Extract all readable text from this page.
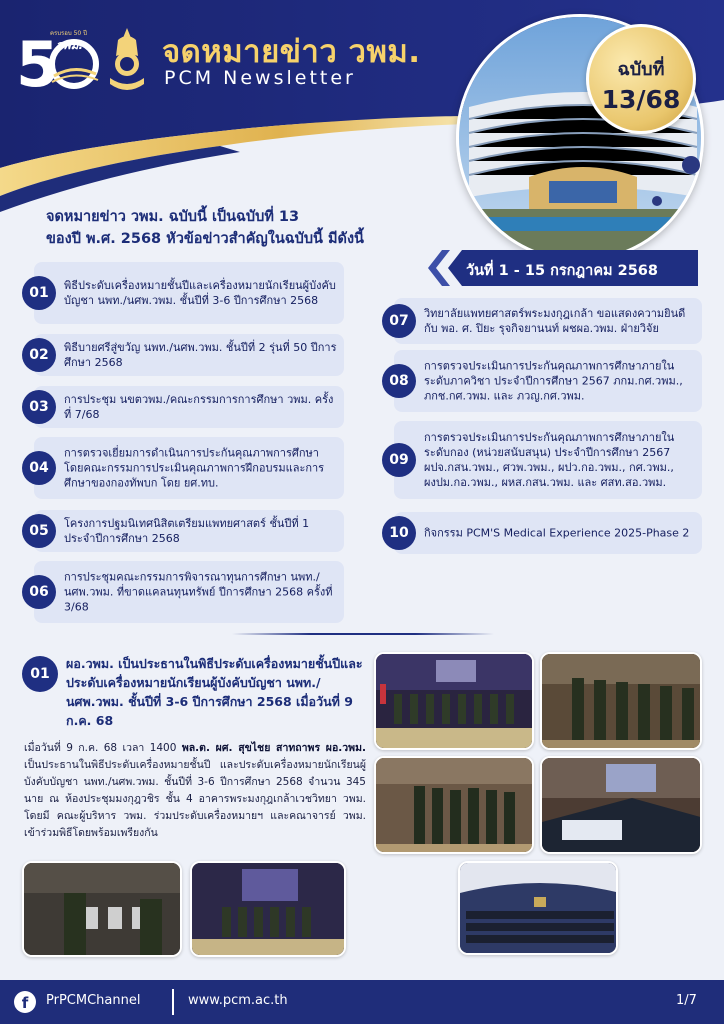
5
ครบรอบ 50 ปี
วพม.	จดหมายข่าว วพม.
PCM Newsletter	ฉบับที่
13/68
จดหมายข่าว วพม. ฉบับนี้ เป็นฉบับที่ 13
ของปี พ.ศ. 2568 หัวข้อข่าวสำคัญในฉบับนี้ มีดังนี้
วันที่ 1 - 15 กรกฎาคม 2568
01	พิธีประดับเครื่องหมายชั้นปีและเครื่องหมายนักเรียนผู้บังคับบัญชา นพท./นศพ.วพม. ชั้นปีที่ 3-6 ปีการศึกษา 2568
02	พิธีบายศรีสู่ขวัญ นพท./นศพ.วพม. ชั้นปีที่ 2 รุ่นที่ 50 ปีการศึกษา 2568
03	การประชุม นขตวพม./คณะกรรมการการศึกษา วพม. ครั้งที่ 7/68
04
การตรวจเยี่ยมการดำเนินการประกันคุณภาพการศึกษา โดยคณะกรรมการประเมินคุณภาพการฝึกอบรมและการศึกษาของกองทัพบก โดย ยศ.ทบ.
05	โครงการปฐมนิเทศนิสิตเตรียมแพทยศาสตร์ ชั้นปีที่ 1 ประจำปีการศึกษา 2568
06
การประชุมคณะกรรมการพิจารณาทุนการศึกษา นพท./นศพ.วพม. ที่ขาดแคลนทุนทรัพย์ ปีการศึกษา 2568 ครั้งที่ 3/68
07	วิทยาลัยแพทยศาสตร์พระมงกุฎเกล้า ขอแสดงความยินดีกับ พอ. ศ. ปิยะ รุจกิจยานนท์ ผชผอ.วพม. ฝ่ายวิจัย
08
การตรวจประเมินการประกันคุณภาพการศึกษาภายในระดับภาควิชา ประจำปีการศึกษา 2567 ภกม.กศ.วพม., ภกช.กศ.วพม. และ ภวญ.กศ.วพม.
09
การตรวจประเมินการประกันคุณภาพการศึกษาภายในระดับกอง (หน่วยสนับสนุน) ประจำปีการศึกษา 2567 ผปจ.กสน.วพม., ศวพ.วพม., ผปว.กอ.วพม., กศ.วพม., ผงปม.กอ.วพม., ผหส.กสน.วพม. และ ศสท.สอ.วพม.
10	กิจกรรม PCM'S Medical Experience 2025-Phase 2
01
ผอ.วพม. เป็นประธานในพิธีประดับเครื่องหมายชั้นปีและประดับเครื่องหมายนักเรียนผู้บังคับบัญชา นพท./นศพ.วพม. ชั้นปีที่ 3-6 ปีการศึกษา 2568 เมื่อวันที่ 9 ก.ค. 68
เมื่อวันที่ 9 ก.ค. 68 เวลา 1400 พล.ต. ผศ. สุขไชย สาทถาพร ผอ.วพม. เป็นประธานในพิธีประดับเครื่องหมายชั้นปี และประดับเครื่องหมายนักเรียนผู้บังคับบัญชา นพท./นศพ.วพม. ชั้นปีที่ 3-6 ปีการศึกษา 2568 จำนวน 345 นาย ณ ห้องประชุมมงกุฎวชิร ชั้น 4 อาคารพระมงกุฎเกล้าเวชวิทยา วพม. โดยมี คณะผู้บริหาร วพม. ร่วมประดับเครื่องหมายฯ และคณาจารย์ วพม. เข้าร่วมพิธีโดยพร้อมเพรียงกัน
f	PrPCMChannel	www.pcm.ac.th	1/7
